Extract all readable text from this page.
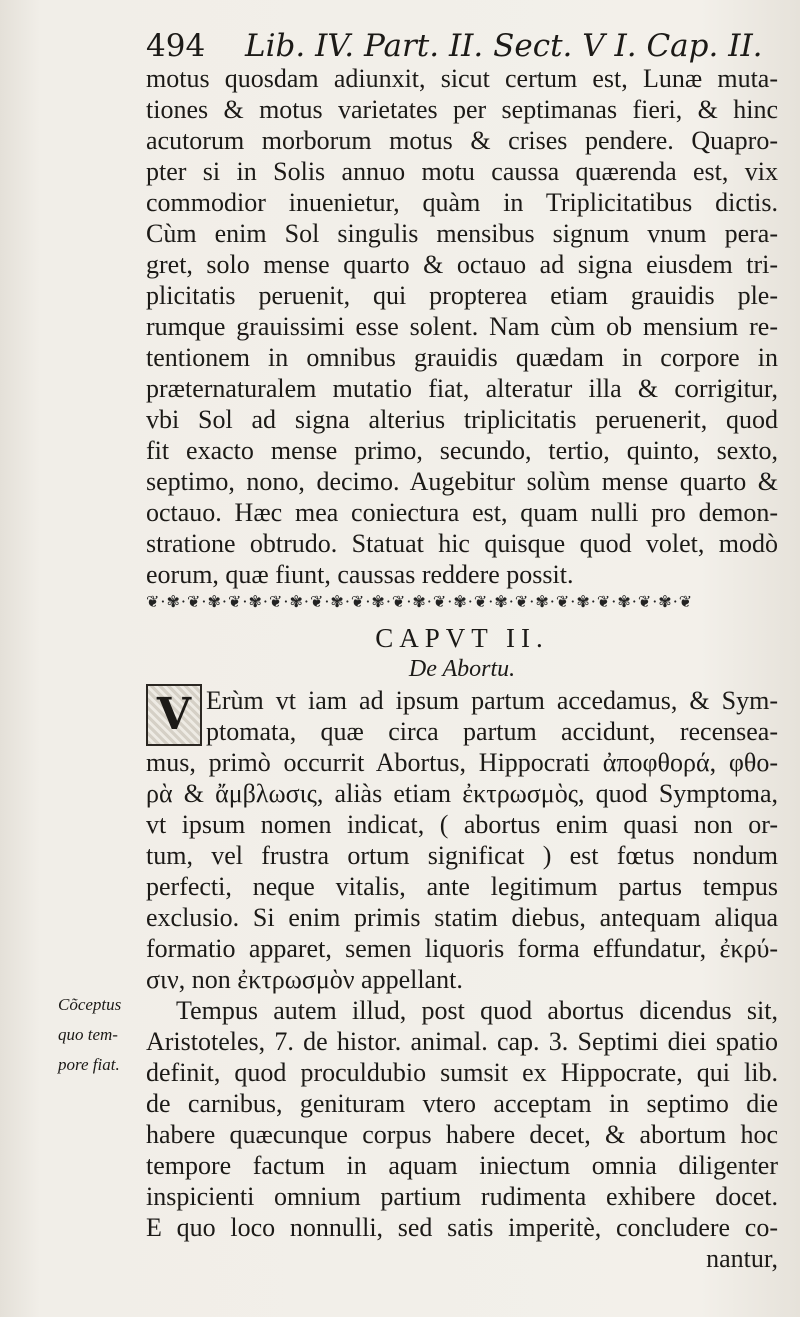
494 Lib. IV. Part. II. Sect. V I. Cap. II.
motus quosdam adiunxit, sicut certum est, Lunæ muta-
tiones & motus varietates per septimanas fieri, & hinc
acutorum morborum motus & crises pendere. Quapro-
pter si in Solis annuo motu caussa quærenda est, vix
commodior inuenietur, quàm in Triplicitatibus dictis.
Cùm enim Sol singulis mensibus signum vnum pera-
gret, solo mense quarto & octauo ad signa eiusdem tri-
plicitatis peruenit, qui propterea etiam grauidis ple-
rumque grauissimi esse solent. Nam cùm ob mensium re-
tentionem in omnibus grauidis quædam in corpore in
præternaturalem mutatio fiat, alteratur illa & corrigitur,
vbi Sol ad signa alterius triplicitatis peruenerit, quod
fit exacto mense primo, secundo, tertio, quinto, sexto,
septimo, nono, decimo. Augebitur solùm mense quarto &
octauo. Hæc mea coniectura est, quam nulli pro demon-
stratione obtrudo. Statuat hic quisque quod volet, modò
eorum, quæ fiunt, caussas reddere possit.
❦·✾·❦·✾·❦·✾·❦·✾·❦·✾·❦·✾·❦·✾·❦·✾·❦·✾·❦·✾·❦·✾·❦·✾·❦·✾·❦
CAPVT II.
De Abortu.
V Erùm vt iam ad ipsum partum accedamus, & Sym-
ptomata, quæ circa partum accidunt, recensea-
mus, primò occurrit Abortus, Hippocrati ἀποφθορά, φθο-
ρὰ & ἄμβλωσις, aliàs etiam ἐκτρωσμὸς, quod Symptoma,
vt ipsum nomen indicat, ( abortus enim quasi non or-
tum, vel frustra ortum significat ) est fœtus nondum
perfecti, neque vitalis, ante legitimum partus tempus
exclusio. Si enim primis statim diebus, antequam aliqua
formatio apparet, semen liquoris forma effundatur, ἐκρύ-
σιν, non ἐκτρωσμὸν appellant.
Tempus autem illud, post quod abortus dicendus sit,
Aristoteles, 7. de histor. animal. cap. 3. Septimi diei spatio
definit, quod proculdubio sumsit ex Hippocrate, qui lib.
de carnibus, genituram vtero acceptam in septimo die
habere quæcunque corpus habere decet, & abortum hoc
tempore factum in aquam iniectum omnia diligenter
inspicienti omnium partium rudimenta exhibere docet.
E quo loco nonnulli, sed satis imperitè, concludere co-
nantur,
Cõceptus
quo tem-
pore fiat.
